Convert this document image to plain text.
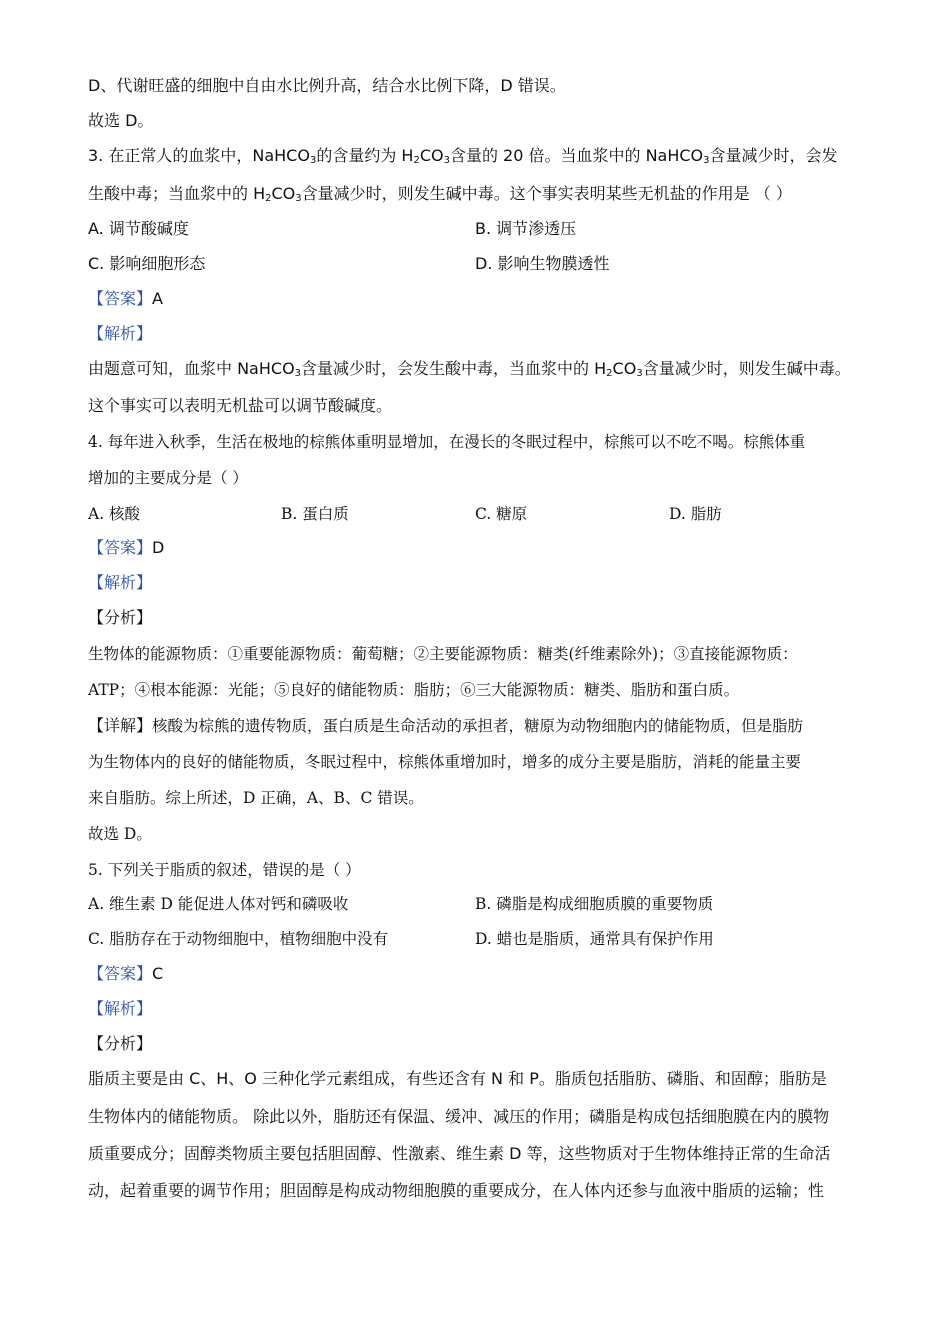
D、代谢旺盛的细胞中自由水比例升高，结合水比例下降，D 错误。
故选 D。
3. 在正常人的血浆中，NaHCO$_3$的含量约为 $H_2CO_3$含量的 20 倍。当血浆中的 NaHCO$_3$含量减少时，会发
生酸中毒；当血浆中的 $H_2CO_3$含量减少时，则发生碱中毒。这个事实表明某些无机盐的作用是 （ ）
A. 调节酸碱度	B. 调节渗透压
C. 影响细胞形态	D. 影响生物膜透性
【答案】A
【解析】
由题意可知，血浆中 NaHCO$_3$含量减少时，会发生酸中毒，当血浆中的 $H_2CO_3$含量减少时，则发生碱中毒。
这个事实可以表明无机盐可以调节酸碱度。
4. 每年进入秋季，生活在极地的棕熊体重明显增加，在漫长的冬眠过程中，棕熊可以不吃不喝。棕熊体重
增加的主要成分是（ ）
A. 核酸	B. 蛋白质	C. 糖原	D. 脂肪
【答案】D
【解析】
【分析】
生物体的能源物质：①重要能源物质：葡萄糖；②主要能源物质：糖类(纤维素除外)；③直接能源物质：
ATP；④根本能源：光能；⑤良好的储能物质：脂肪；⑥三大能源物质：糖类、脂肪和蛋白质。
【详解】核酸为棕熊的遗传物质，蛋白质是生命活动的承担者，糖原为动物细胞内的储能物质，但是脂肪
为生物体内的良好的储能物质，冬眠过程中，棕熊体重增加时，增多的成分主要是脂肪，消耗的能量主要
来自脂肪。综上所述，D 正确，A、B、C 错误。
故选 D。
5. 下列关于脂质的叙述，错误的是（ ）
A. 维生素 D 能促进人体对钙和磷吸收	B. 磷脂是构成细胞质膜的重要物质
C. 脂肪存在于动物细胞中，植物细胞中没有	D. 蜡也是脂质，通常具有保护作用
【答案】C
【解析】
【分析】
脂质主要是由 C、H、O 三种化学元素组成，有些还含有 N 和 P。脂质包括脂肪、磷脂、和固醇；脂肪是
生物体内的储能物质。 除此以外，脂肪还有保温、缓冲、减压的作用；磷脂是构成包括细胞膜在内的膜物
质重要成分；固醇类物质主要包括胆固醇、性激素、维生素 D 等，这些物质对于生物体维持正常的生命活
动，起着重要的调节作用；胆固醇是构成动物细胞膜的重要成分，在人体内还参与血液中脂质的运输；性
